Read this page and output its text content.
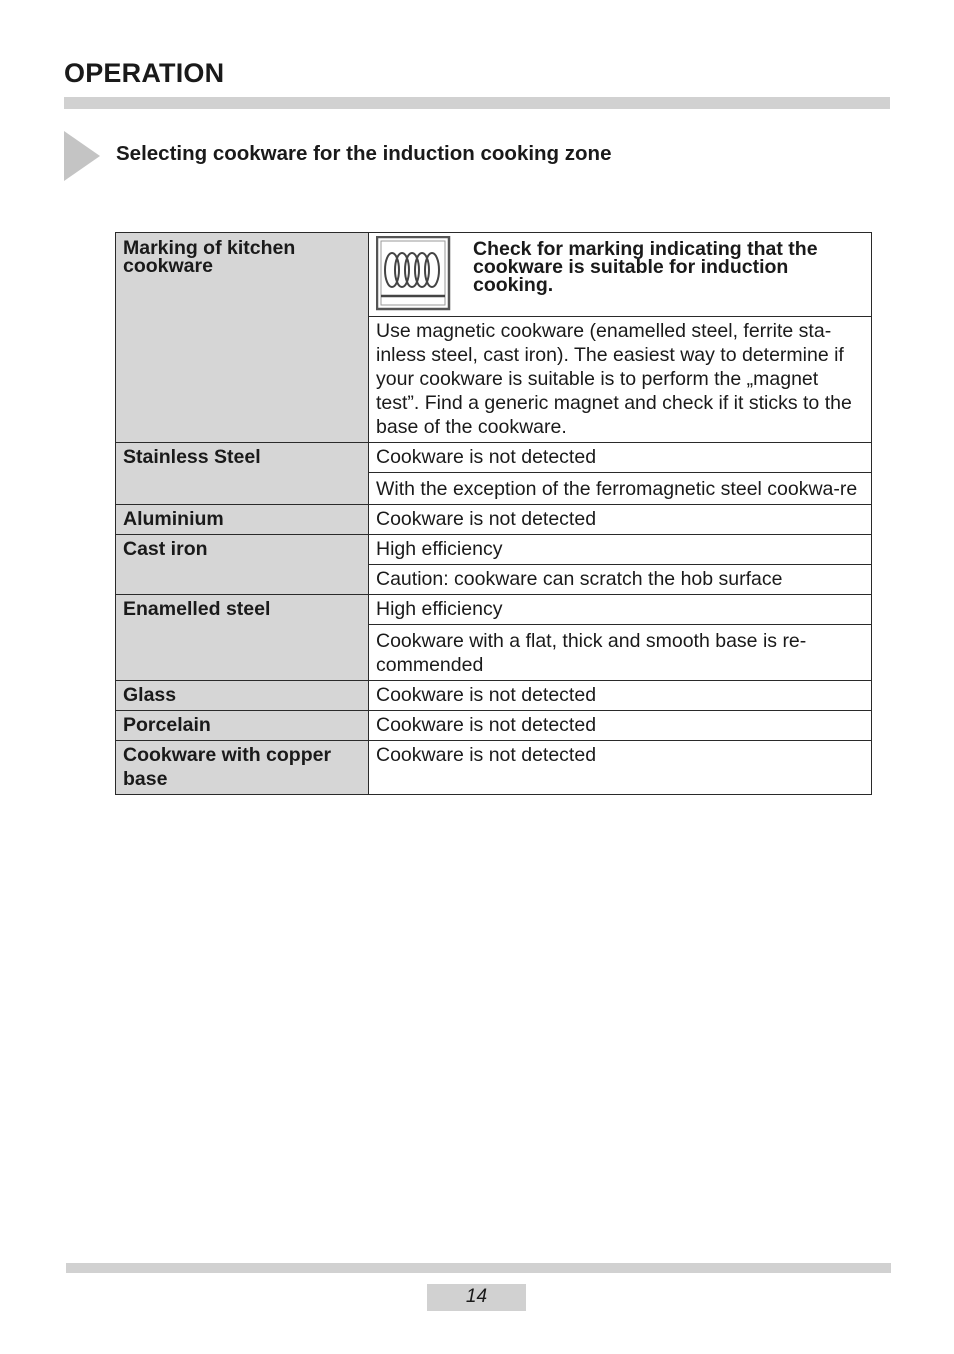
OPERATION
Selecting cookware for the induction cooking zone
Marking of kitchen cookware	Check for marking indicating that the cookware is suitable for induction cooking.

	Use magnetic cookware (enamelled steel, ferrite sta-inless steel, cast iron). The easiest way to determine if your cookware is suitable is to perform the „magnet test”. Find a generic magnet and check if it sticks to the base of the cookware.
Stainless Steel	Cookware is not detected
	With the exception of the ferromagnetic steel cookwa-re
Aluminium	Cookware is not detected
Cast iron	High efficiency
	Caution: cookware can scratch the hob surface
Enamelled steel	High efficiency
	Cookware with a flat, thick and smooth base is re-commended
Glass	Cookware is not detected
Porcelain	Cookware is not detected
Cookware with copper base	Cookware is not detected
14
